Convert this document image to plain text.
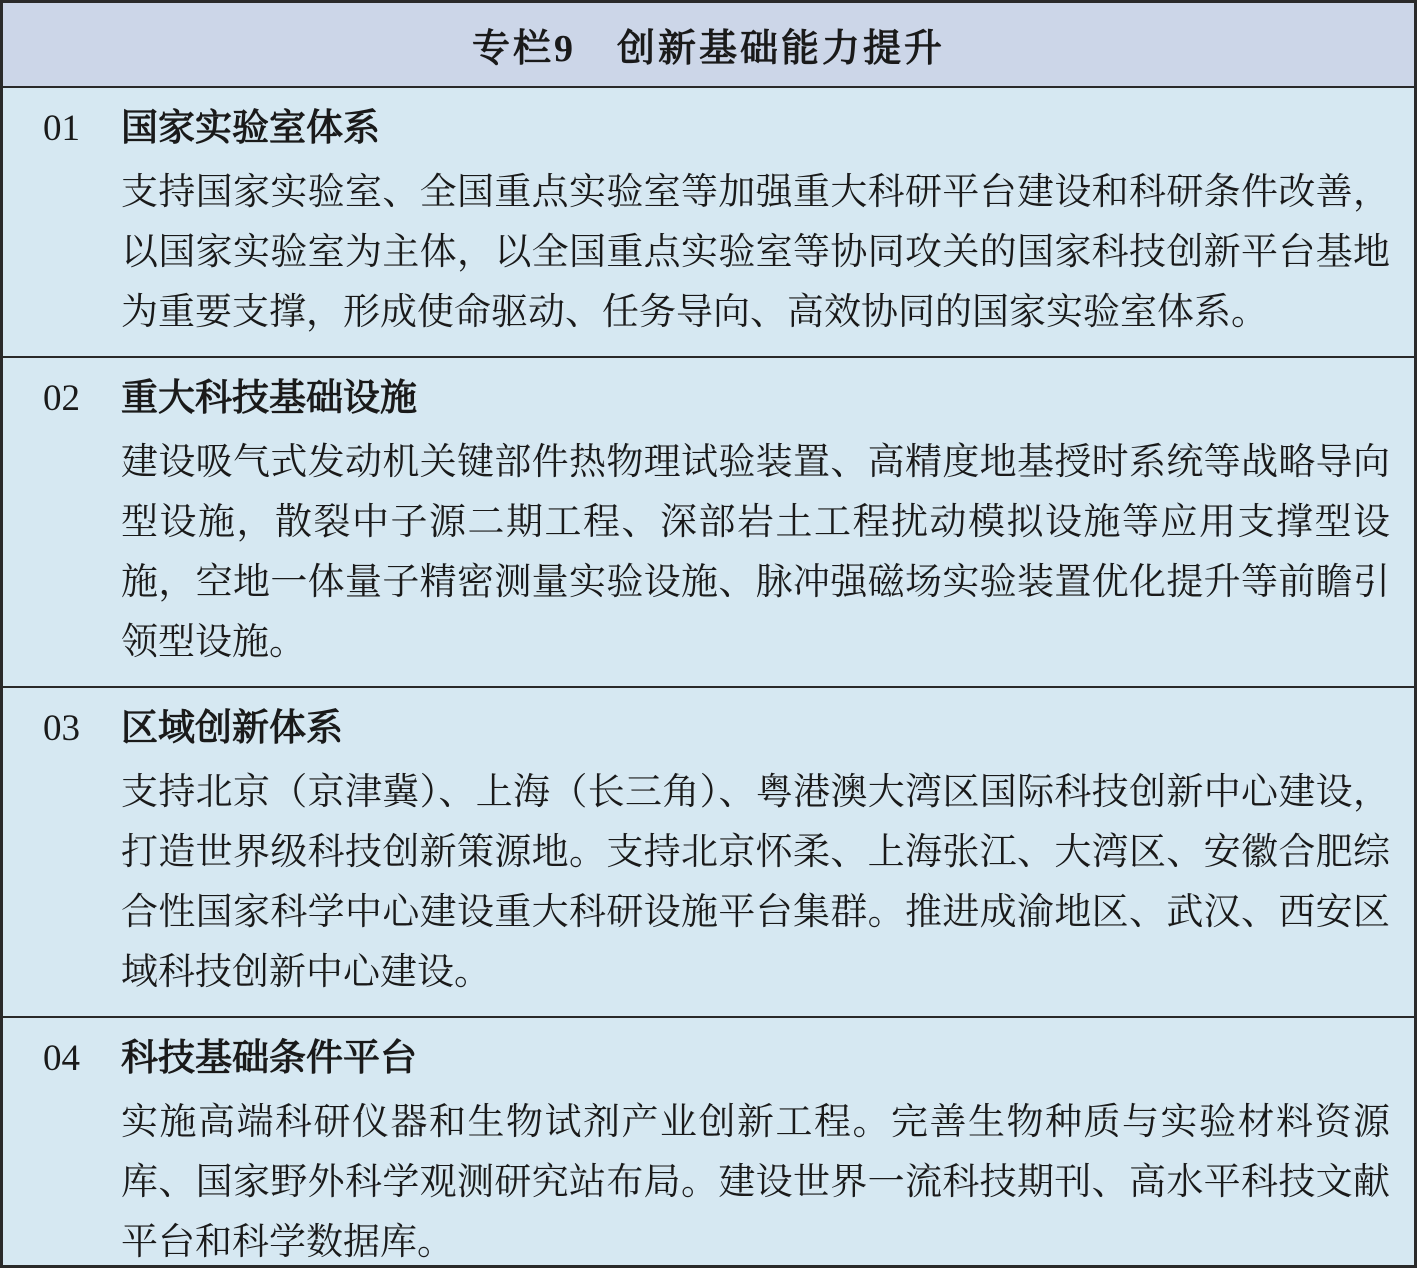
专栏9　创新基础能力提升
01	国家实验室体系
支持国家实验室、全国重点实验室等加强重大科研平台建设和科研条件改善，以国家实验室为主体，以全国重点实验室等协同攻关的国家科技创新平台基地为重要支撑，形成使命驱动、任务导向、高效协同的国家实验室体系。
02	重大科技基础设施
建设吸气式发动机关键部件热物理试验装置、高精度地基授时系统等战略导向型设施，散裂中子源二期工程、深部岩土工程扰动模拟设施等应用支撑型设施，空地一体量子精密测量实验设施、脉冲强磁场实验装置优化提升等前瞻引领型设施。
03	区域创新体系
支持北京（京津冀）、上海（长三角）、粤港澳大湾区国际科技创新中心建设，打造世界级科技创新策源地。支持北京怀柔、上海张江、大湾区、安徽合肥综合性国家科学中心建设重大科研设施平台集群。推进成渝地区、武汉、西安区域科技创新中心建设。
04	科技基础条件平台
实施高端科研仪器和生物试剂产业创新工程。完善生物种质与实验材料资源库、国家野外科学观测研究站布局。建设世界一流科技期刊、高水平科技文献平台和科学数据库。
